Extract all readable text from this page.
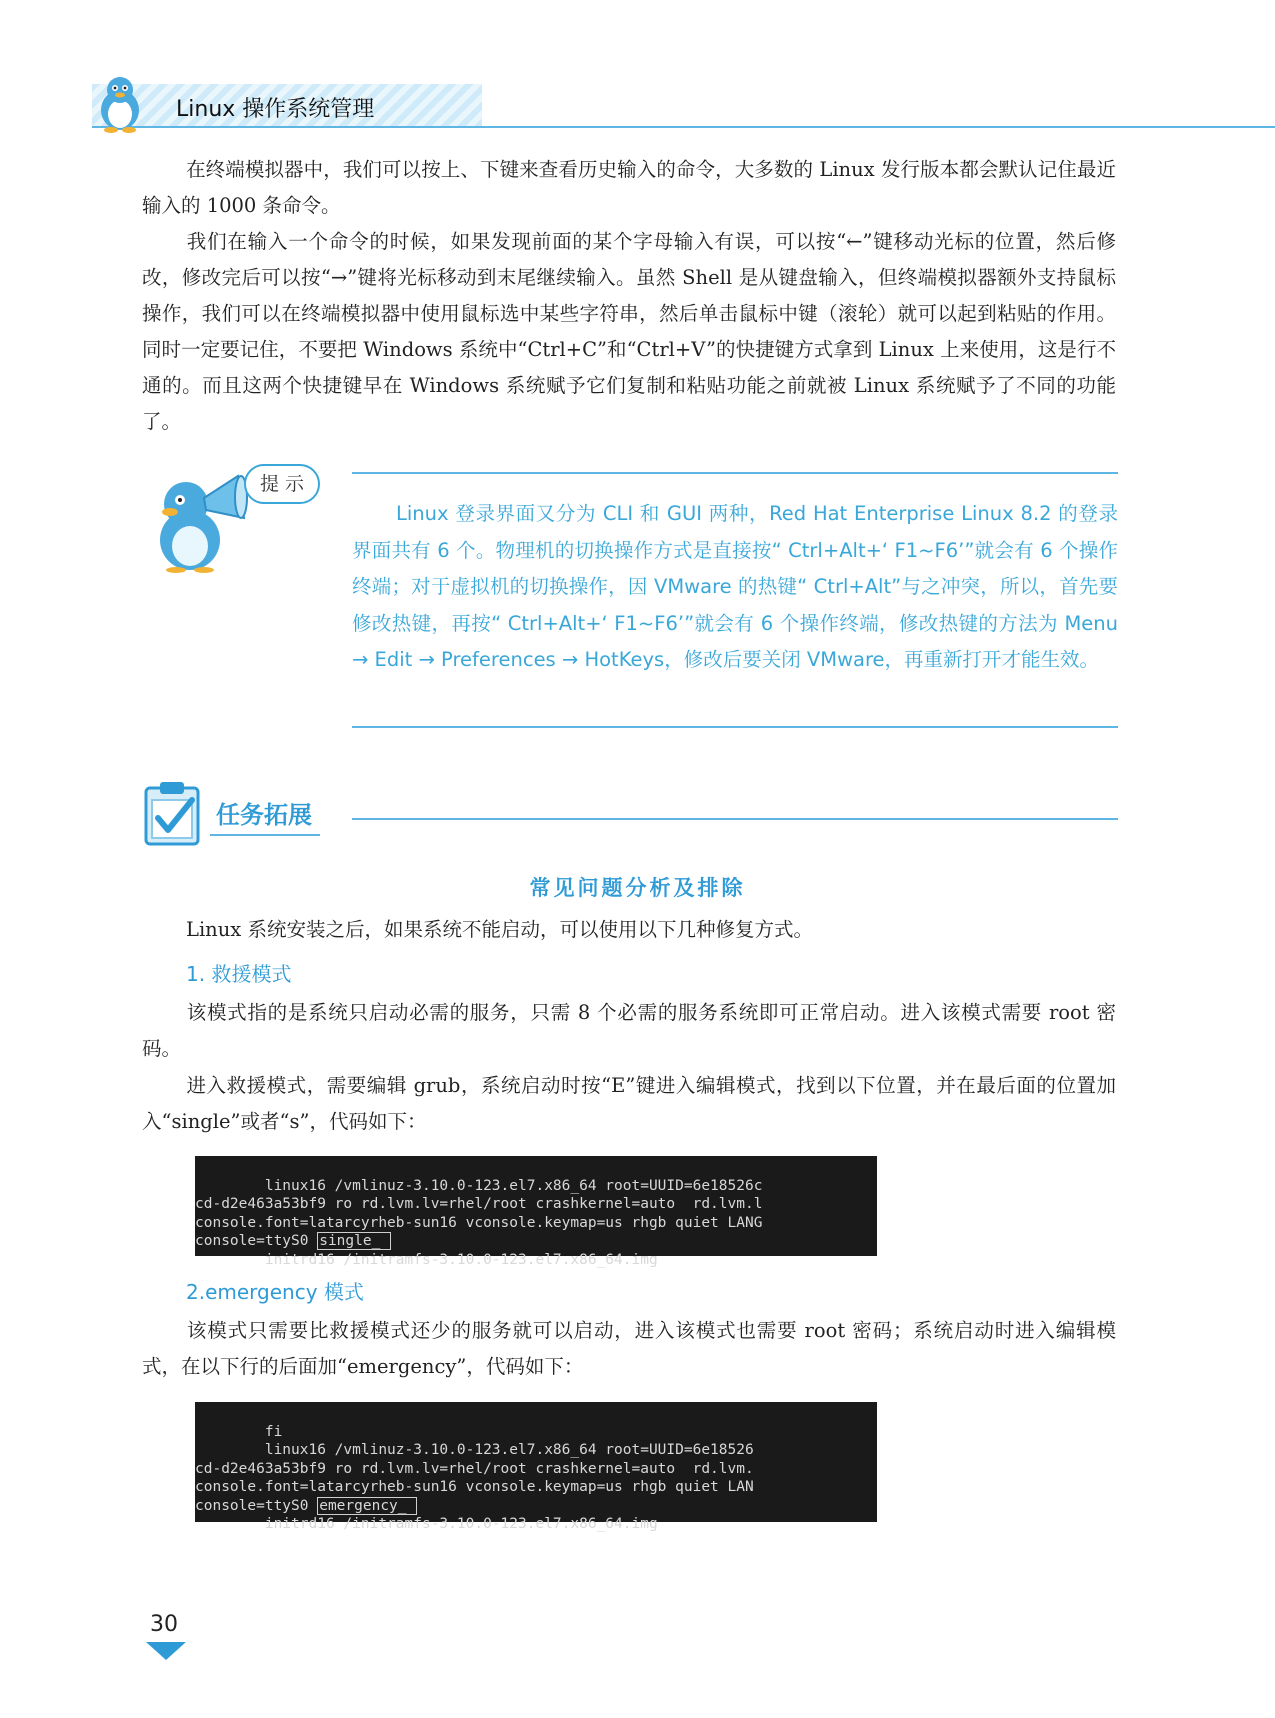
Linux 操作系统管理

在终端模拟器中，我们可以按上、下键来查看历史输入的命令，大多数的 Linux 发行版本都会默认记住最近输入的 1000 条命令。

我们在输入一个命令的时候，如果发现前面的某个字母输入有误，可以按“←”键移动光标的位置，然后修改，修改完后可以按“→”键将光标移动到末尾继续输入。虽然 Shell 是从键盘输入，但终端模拟器额外支持鼠标操作，我们可以在终端模拟器中使用鼠标选中某些字符串，然后单击鼠标中键（滚轮）就可以起到粘贴的作用。同时一定要记住，不要把 Windows 系统中“Ctrl+C”和“Ctrl+V”的快捷键方式拿到 Linux 上来使用，这是行不通的。而且这两个快捷键早在 Windows 系统赋予它们复制和粘贴功能之前就被 Linux 系统赋予了不同的功能了。

提 示

Linux 登录界面又分为 CLI 和 GUI 两种，Red Hat Enterprise Linux 8.2 的登录界面共有 6 个。物理机的切换操作方式是直接按“ Ctrl+Alt+‘ F1~F6’”就会有 6 个操作终端；对于虚拟机的切换操作，因 VMware 的热键“ Ctrl+Alt”与之冲突，所以，首先要修改热键，再按“ Ctrl+Alt+‘ F1~F6’”就会有 6 个操作终端，修改热键的方法为 Menu → Edit → Preferences → HotKeys，修改后要关闭 VMware，再重新打开才能生效。

任务拓展
常见问题分析及排除

Linux 系统安装之后，如果系统不能启动，可以使用以下几种修复方式。

1. 救援模式

该模式指的是系统只启动必需的服务，只需 8 个必需的服务系统即可正常启动。进入该模式需要 root 密码。

进入救援模式，需要编辑 grub，系统启动时按“E”键进入编辑模式，找到以下位置，并在最后面的位置加入“single”或者“s”，代码如下：

linux16 /vmlinuz-3.10.0-123.el7.x86_64 root=UUID=6e18526c
cd-d2e463a53bf9 ro rd.lvm.lv=rhel/root crashkernel=auto  rd.lvm.l
console.font=latarcyrheb-sun16 vconsole.keymap=us rhgb quiet LANG
console=ttyS0 single_
initrd16 /initramfs-3.10.0-123.el7.x86_64.img
2.emergency 模式

该模式只需要比救援模式还少的服务就可以启动，进入该模式也需要 root 密码；系统启动时进入编辑模式，在以下行的后面加“emergency”，代码如下：

fi
linux16 /vmlinuz-3.10.0-123.el7.x86_64 root=UUID=6e18526
cd-d2e463a53bf9 ro rd.lvm.lv=rhel/root crashkernel=auto  rd.lvm.
console.font=latarcyrheb-sun16 vconsole.keymap=us rhgb quiet LAN
console=ttyS0 emergency_
initrd16 /initramfs-3.10.0-123.el7.x86_64.img
30
